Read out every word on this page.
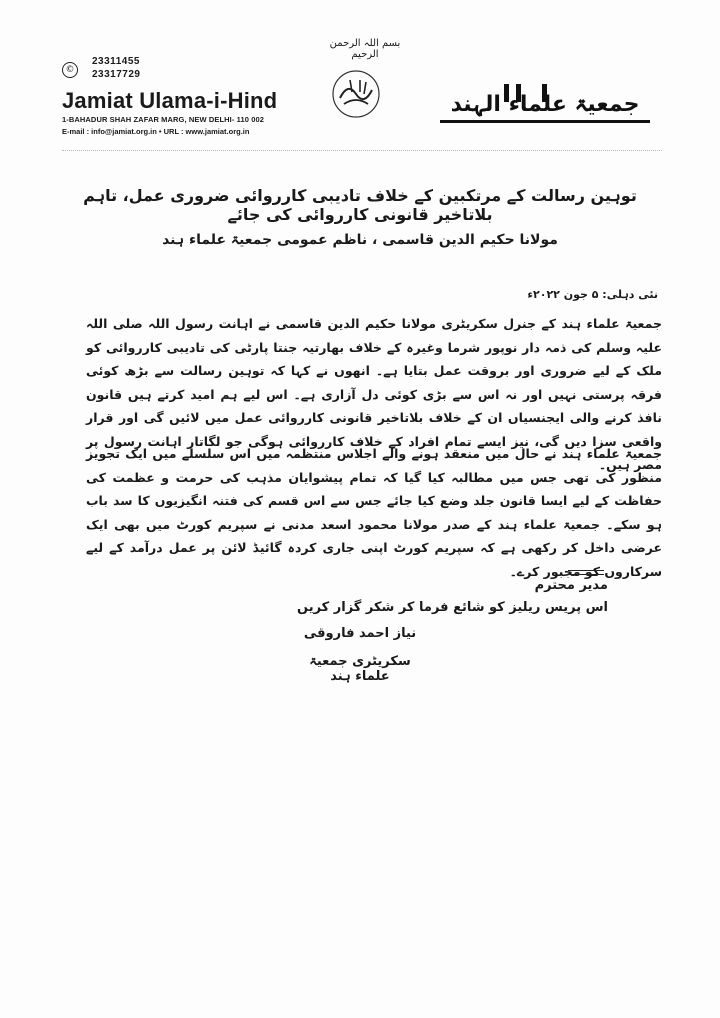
©
23311455
23317729
Jamiat Ulama-i-Hind
1-BAHADUR SHAH ZAFAR MARG, NEW DELHI- 110 002
E-mail : info@jamiat.org.in • URL : www.jamiat.org.in
بسم اللہ الرحمن الرحیم
جمعیۃ علماء الہند
توہین رسالت کے مرتکبین کے خلاف تادیبی کارروائی ضروری عمل، تاہم بلاتاخیر قانونی کارروائی کی جائے
مولانا حکیم الدین قاسمی ، ناظم عمومی جمعیۃ علماء ہند
نئی دہلی: ۵ جون ۲۰۲۲ء

جمعیۃ علماء ہند کے جنرل سکریٹری مولانا حکیم الدین قاسمی نے اہانت رسول اللہ صلی اللہ علیہ وسلم کی ذمہ دار نوپور شرما وغیرہ کے خلاف بھارتیہ جنتا پارٹی کی تادیبی کارروائی کو ملک کے لیے ضروری اور بروقت عمل بتایا ہے۔ انھوں نے کہا کہ توہین رسالت سے بڑھ کوئی فرقہ پرستی نہیں اور نہ اس سے بڑی کوئی دل آزاری ہے۔ اس لیے ہم امید کرتے ہیں قانون نافذ کرنے والی ایجنسیاں ان کے خلاف بلاتاخیر قانونی کارروائی عمل میں لائیں گی اور قرار واقعی سزا دیں گی، نیز ایسے تمام افراد کے خلاف کارروائی ہوگی جو لگاتار اہانت رسول پر مصر ہیں۔

جمعیۃ علماء ہند نے حال میں منعقد ہونے والے اجلاس منتظمہ میں اس سلسلے میں ایک تجویز منظور کی تھی جس میں مطالبہ کیا گیا کہ تمام پیشوایان مذہب کی حرمت و عظمت کی حفاظت کے لیے ایسا قانون جلد وضع کیا جائے جس سے اس قسم کی فتنہ انگیزیوں کا سد باب ہو سکے۔ جمعیۃ علماء ہند کے صدر مولانا محمود اسعد مدنی نے سپریم کورٹ میں بھی ایک عرضی داخل کر رکھی ہے کہ سپریم کورٹ اپنی جاری کردہ گائیڈ لائن پر عمل درآمد کے لیے سرکاروں کو مجبور کرے۔

مدیر محترم
اس پریس ریلیز کو شائع فرما کر شکر گزار کریں
نیاز احمد فاروقی
سکریٹری جمعیۃ علماء ہند
